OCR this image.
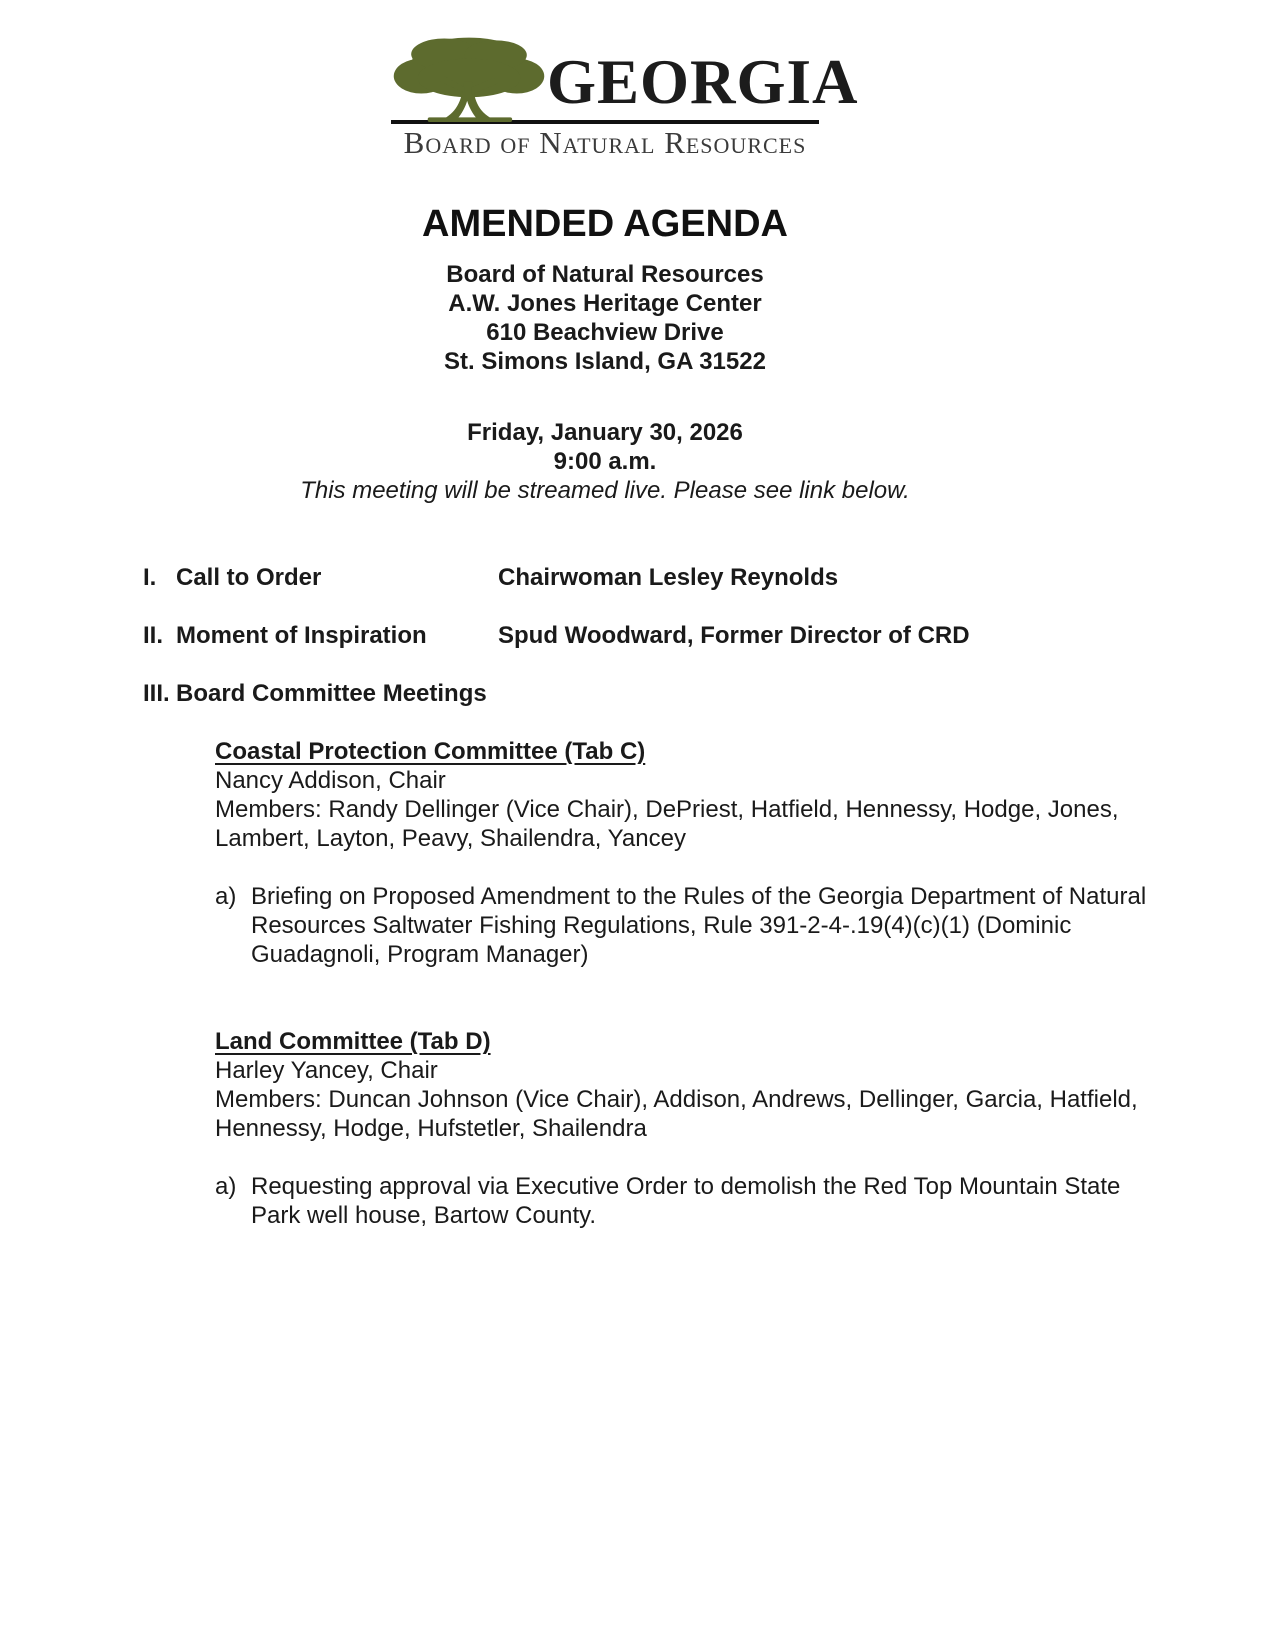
GEORGIA
Board of Natural Resources
AMENDED AGENDA
Board of Natural Resources
A.W. Jones Heritage Center
610 Beachview Drive
St. Simons Island, GA 31522
Friday, January 30, 2026
9:00 a.m.
This meeting will be streamed live. Please see link below.
I. Call to Order	Chairwoman Lesley Reynolds
II. Moment of Inspiration	Spud Woodward, Former Director of CRD
III. Board Committee Meetings
Coastal Protection Committee (Tab C)
Nancy Addison, Chair
Members: Randy Dellinger (Vice Chair), DePriest, Hatfield, Hennessy, Hodge, Jones,
Lambert, Layton, Peavy, Shailendra, Yancey
a) Briefing on Proposed Amendment to the Rules of the Georgia Department of Natural
Resources Saltwater Fishing Regulations, Rule 391-2-4-.19(4)(c)(1) (Dominic
Guadagnoli, Program Manager)
Land Committee (Tab D)
Harley Yancey, Chair
Members: Duncan Johnson (Vice Chair), Addison, Andrews, Dellinger, Garcia, Hatfield,
Hennessy, Hodge, Hufstetler, Shailendra
a) Requesting approval via Executive Order to demolish the Red Top Mountain State
Park well house, Bartow County.
